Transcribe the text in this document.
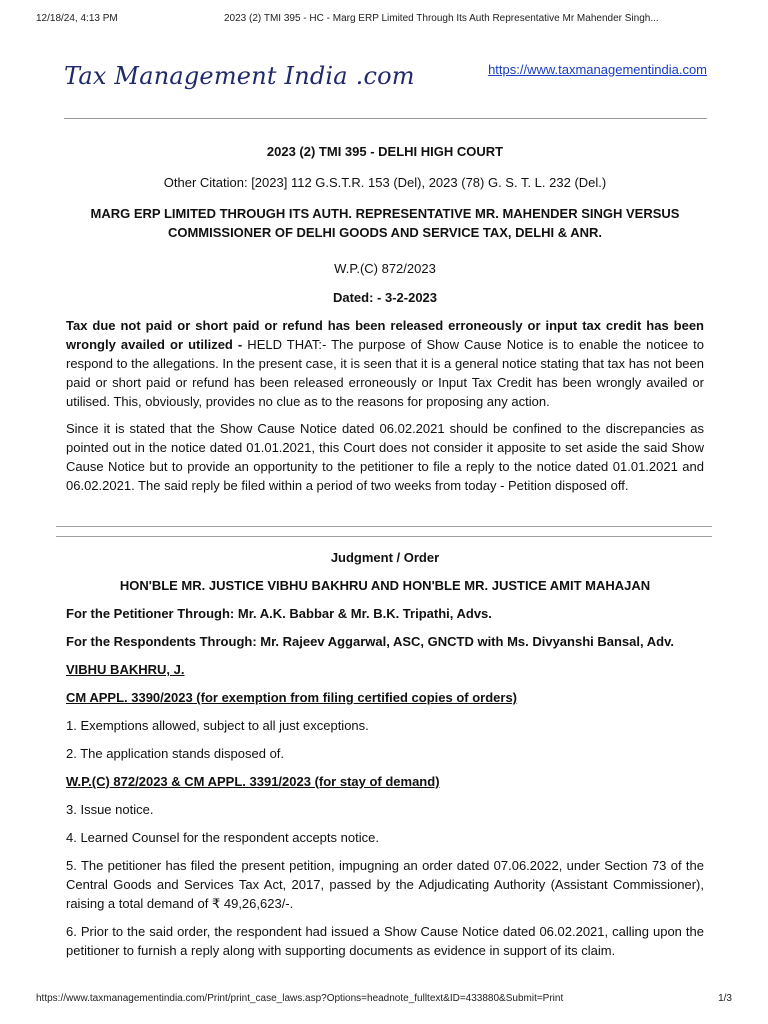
12/18/24, 4:13 PM	2023 (2) TMI 395 - HC - Marg ERP Limited Through Its Auth Representative Mr Mahender Singh...
Tax Management India .com	https://www.taxmanagementindia.com

2023 (2) TMI 395 - DELHI HIGH COURT

Other Citation: [2023] 112 G.S.T.R. 153 (Del), 2023 (78) G. S. T. L. 232 (Del.)

MARG ERP LIMITED THROUGH ITS AUTH. REPRESENTATIVE MR. MAHENDER SINGH VERSUS COMMISSIONER OF DELHI GOODS AND SERVICE TAX, DELHI & ANR.

W.P.(C) 872/2023

Dated: - 3-2-2023

Tax due not paid or short paid or refund has been released erroneously or input tax credit has been wrongly availed or utilized - HELD THAT:- The purpose of Show Cause Notice is to enable the noticee to respond to the allegations. In the present case, it is seen that it is a general notice stating that tax has not been paid or short paid or refund has been released erroneously or Input Tax Credit has been wrongly availed or utilised. This, obviously, provides no clue as to the reasons for proposing any action.

Since it is stated that the Show Cause Notice dated 06.02.2021 should be confined to the discrepancies as pointed out in the notice dated 01.01.2021, this Court does not consider it apposite to set aside the said Show Cause Notice but to provide an opportunity to the petitioner to file a reply to the notice dated 01.01.2021 and 06.02.2021. The said reply be filed within a period of two weeks from today - Petition disposed off.

Judgment / Order

HON'BLE MR. JUSTICE VIBHU BAKHRU AND HON'BLE MR. JUSTICE AMIT MAHAJAN

For the Petitioner Through: Mr. A.K. Babbar & Mr. B.K. Tripathi, Advs.

For the Respondents Through: Mr. Rajeev Aggarwal, ASC, GNCTD with Ms. Divyanshi Bansal, Adv.

VIBHU BAKHRU, J.

CM APPL. 3390/2023 (for exemption from filing certified copies of orders)

1. Exemptions allowed, subject to all just exceptions.

2. The application stands disposed of.

W.P.(C) 872/2023 & CM APPL. 3391/2023 (for stay of demand)

3. Issue notice.

4. Learned Counsel for the respondent accepts notice.

5. The petitioner has filed the present petition, impugning an order dated 07.06.2022, under Section 73 of the Central Goods and Services Tax Act, 2017, passed by the Adjudicating Authority (Assistant Commissioner), raising a total demand of ₹ 49,26,623/-.

6. Prior to the said order, the respondent had issued a Show Cause Notice dated 06.02.2021, calling upon the petitioner to furnish a reply along with supporting documents as evidence in support of its claim.

https://www.taxmanagementindia.com/Print/print_case_laws.asp?Options=headnote_fulltext&ID=433880&Submit=Print	1/3
